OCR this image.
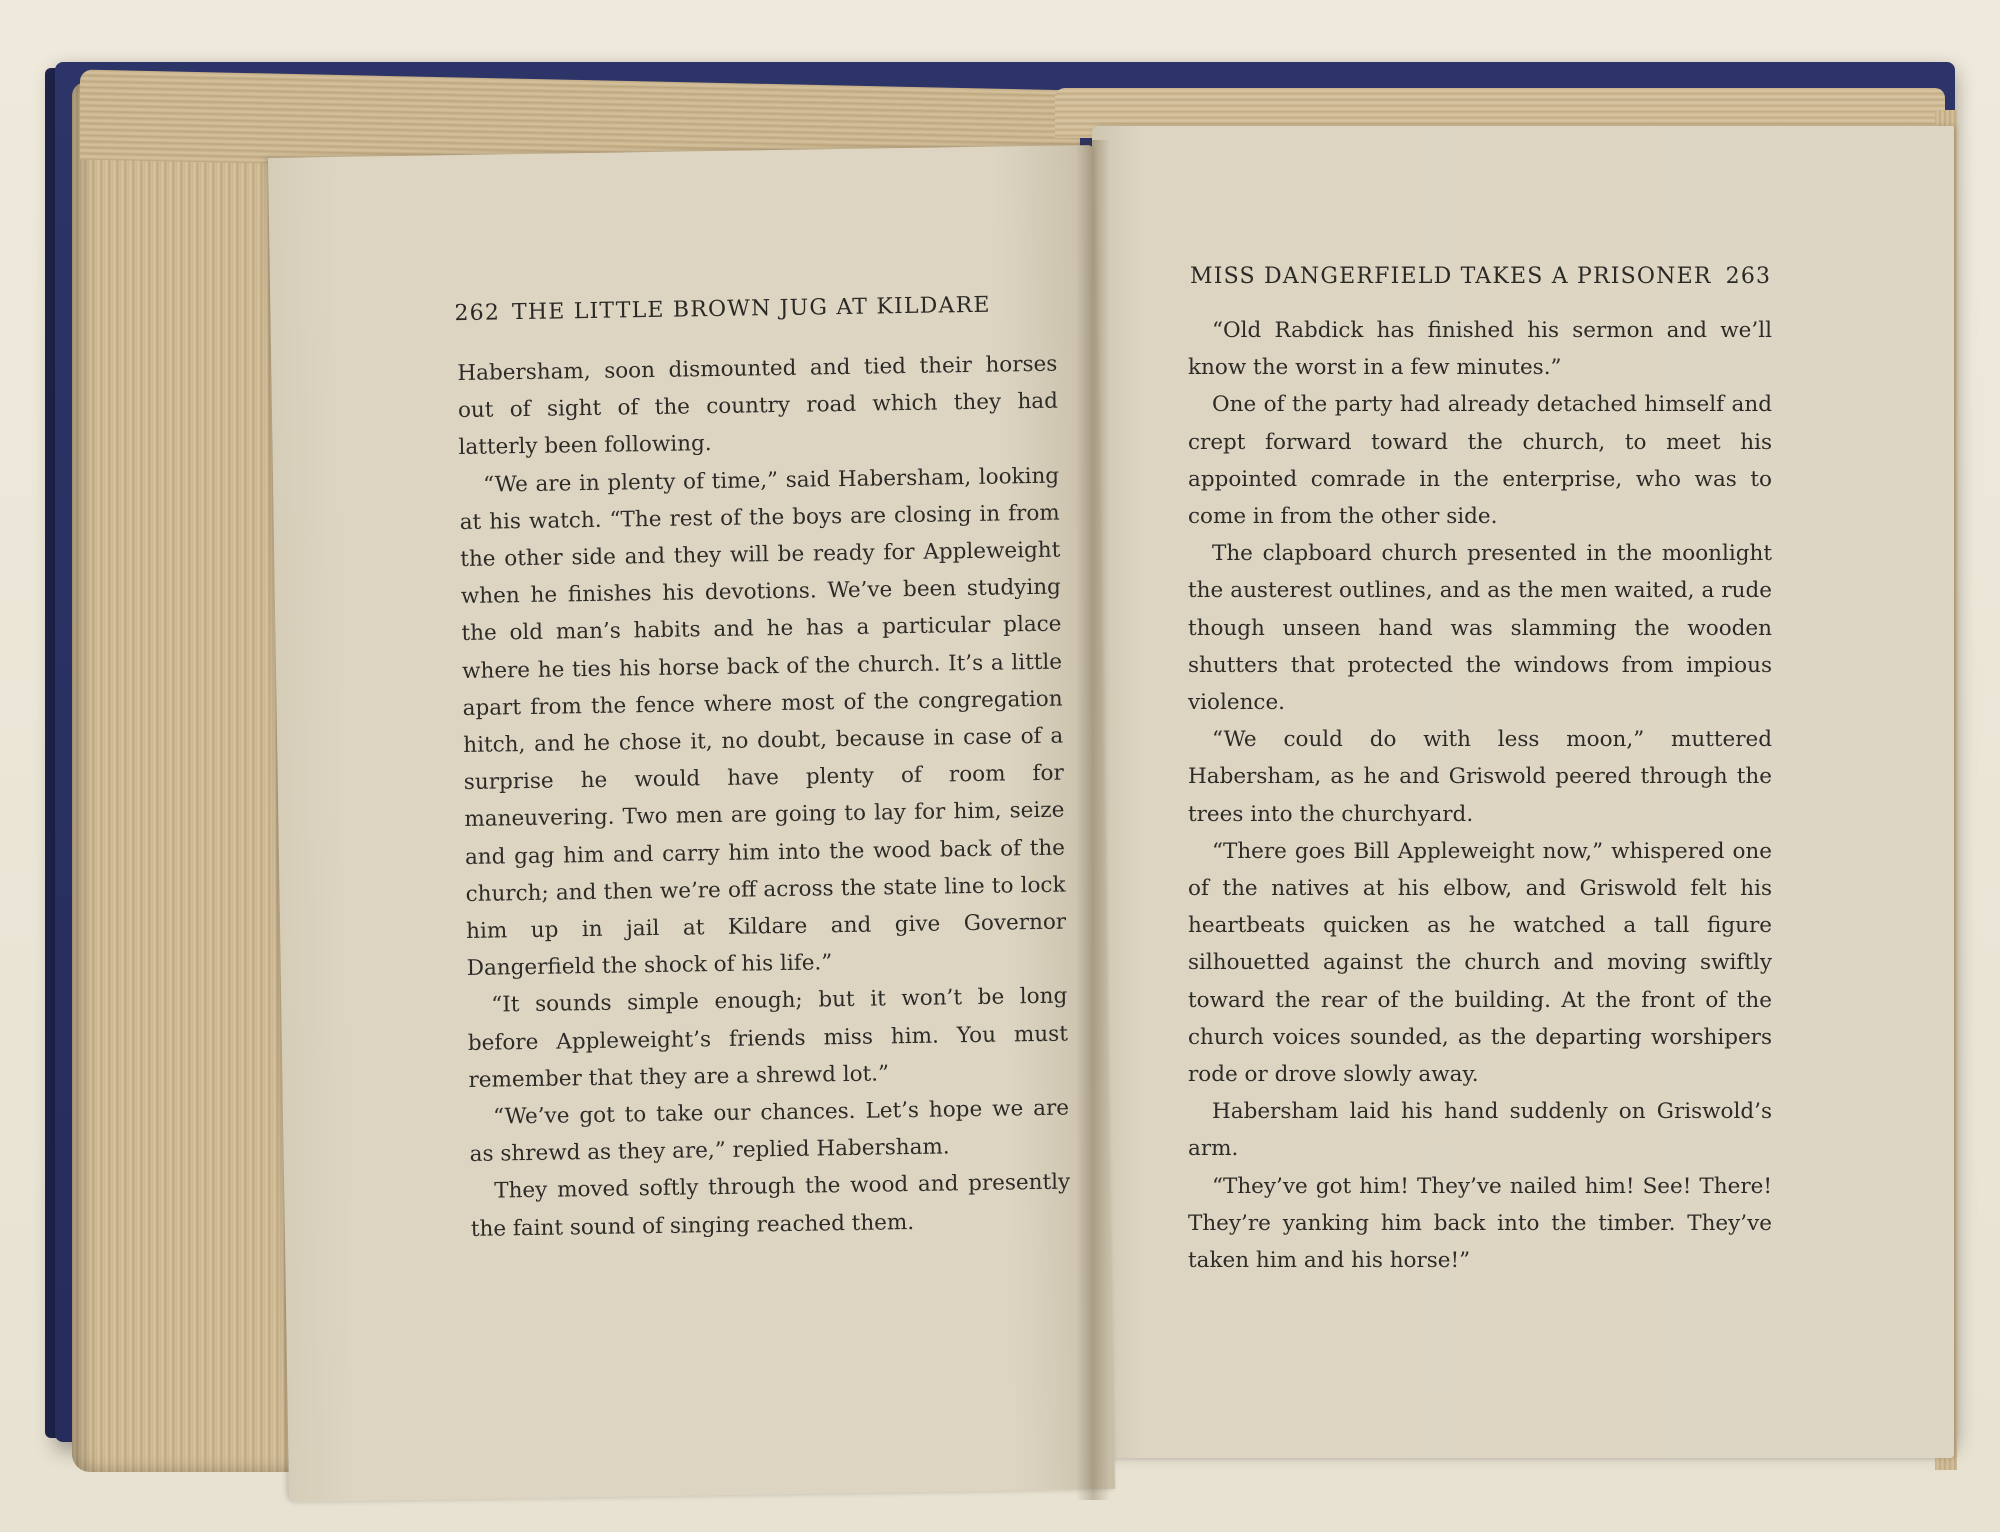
MISS DANGERFIELD TAKES A PRISONER 263

“Old Rabdick has finished his sermon and we’ll know the worst in a few minutes.”

One of the party had already detached himself and crept forward toward the church, to meet his appointed comrade in the enterprise, who was to come in from the other side.

The clapboard church presented in the moonlight the austerest outlines, and as the men waited, a rude though unseen hand was slamming the wooden shutters that protected the windows from impious violence.

“We could do with less moon,” muttered Habersham, as he and Griswold peered through the trees into the churchyard.

“There goes Bill Appleweight now,” whispered one of the natives at his elbow, and Griswold felt his heartbeats quicken as he watched a tall figure silhouetted against the church and moving swiftly toward the rear of the building. At the front of the church voices sounded, as the departing worshipers rode or drove slowly away.

Habersham laid his hand suddenly on Griswold’s arm.

“They’ve got him! They’ve nailed him! See! There! They’re yanking him back into the timber. They’ve taken him and his horse!”

262 THE LITTLE BROWN JUG AT KILDARE

Habersham, soon dismounted and tied their horses out of sight of the country road which they had latterly been following.

“We are in plenty of time,” said Habersham, looking at his watch. “The rest of the boys are closing in from the other side and they will be ready for Appleweight when he finishes his devotions. We’ve been studying the old man’s habits and he has a particular place where he ties his horse back of the church. It’s a little apart from the fence where most of the congregation hitch, and he chose it, no doubt, because in case of a surprise he would have plenty of room for maneuvering. Two men are going to lay for him, seize and gag him and carry him into the wood back of the church; and then we’re off across the state line to lock him up in jail at Kildare and give Governor Dangerfield the shock of his life.”

“It sounds simple enough; but it won’t be long before Appleweight’s friends miss him. You must remember that they are a shrewd lot.”

“We’ve got to take our chances. Let’s hope we are as shrewd as they are,” replied Habersham.

They moved softly through the wood and presently the faint sound of singing reached them.
